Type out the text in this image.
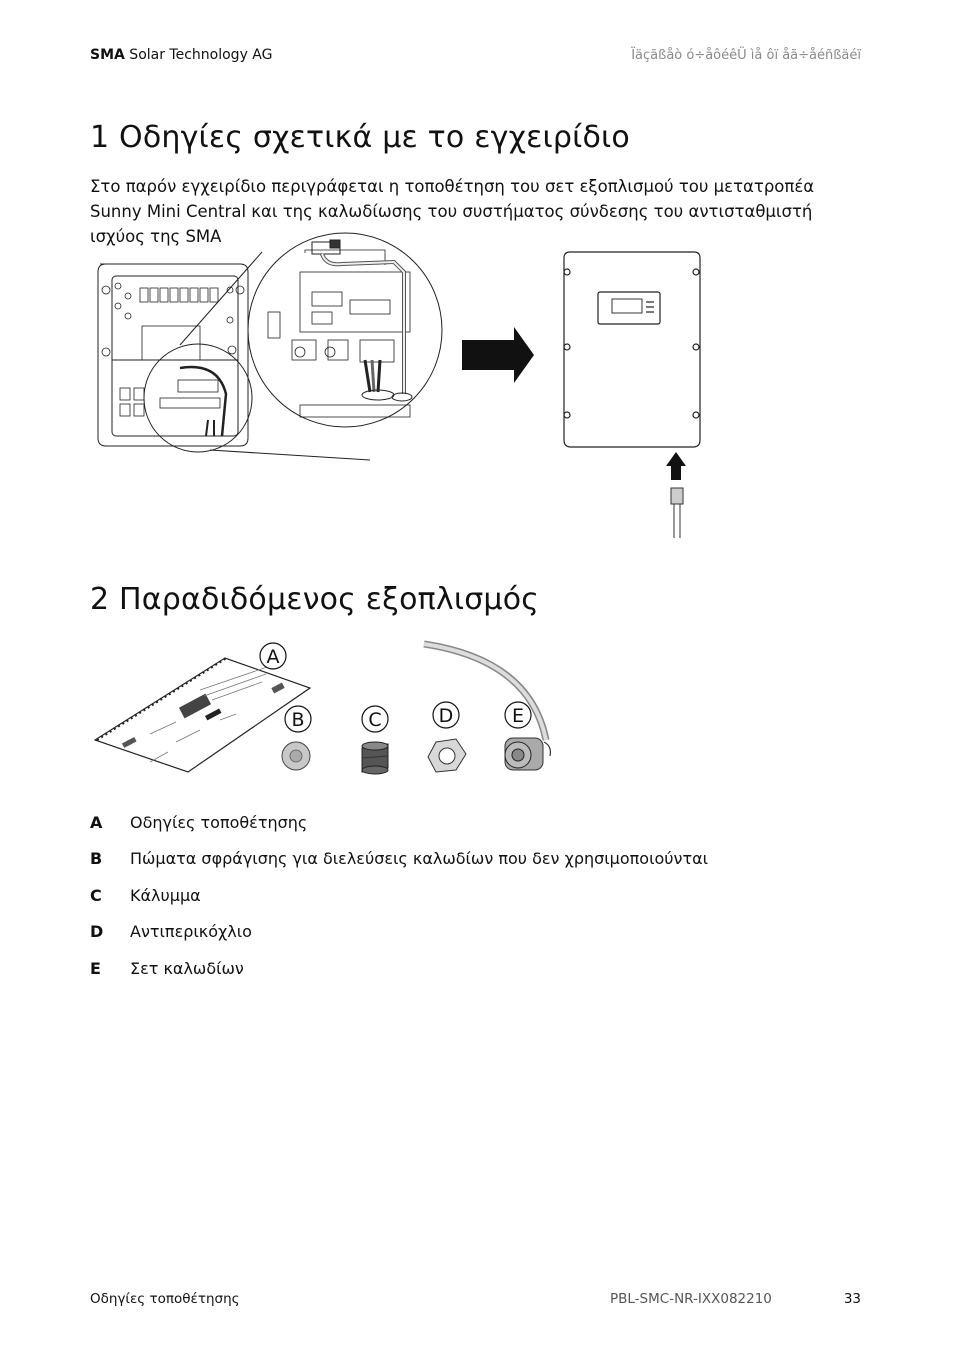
SMA Solar Technology AG	Ïäçãßåò ó÷åôéêÜ ìå ôï åã÷åéñßäéï
1 Οδηγίες σχετικά με το εγχειρίδιο

Στο παρόν εγχειρίδιο περιγράφεται η τοποθέτηση του σετ εξοπλισμού του μετατροπέα Sunny Mini Central και της καλωδίωσης του συστήματος σύνδεσης του αντισταθμιστή ισχύος της SMA

2 Παραδιδόμενος εξοπλισμός
A
B	C	D	E
A	Οδηγίες τοποθέτησης
B	Πώματα σφράγισης για διελεύσεις καλωδίων που δεν χρησιμοποιούνται
C	Κάλυμμα
D	Αντιπερικόχλιο
E	Σετ καλωδίων
Οδηγίες τοποθέτησης	PBL-SMC-NR-IXX082210	33
